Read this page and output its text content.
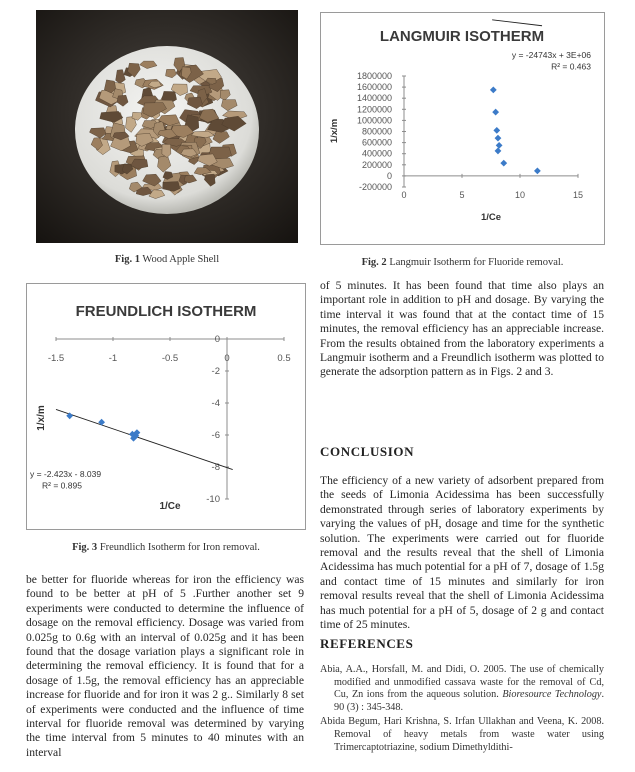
Fig. 1 Wood Apple Shell
LANGMUIR ISOTHERM
0	5	10	15
-200000
0
200000
400000
600000
800000
1000000
1200000
1400000
1600000
1800000
y = -24743x + 3E+06
R² = 0.463
1/Ce
1/x/m
Fig. 2 Langmuir Isotherm for Fluoride removal.
FREUNDLICH ISOTHERM
-1.5	-1	-0.5	0	0.5
0
-2
-4
-6
-8
-10
y = -2.423x - 8.039
R² = 0.895
1/Ce
1/x/m
Fig. 3 Freundlich Isotherm for Iron removal.

be better for fluoride whereas for iron the efficiency was found to be better at pH of 5 .Further another set 9 experiments were conducted to determine the influence of dosage on the removal efficiency. Dosage was varied from 0.025g to 0.6g with an interval of 0.025g and it has been found that the dosage variation plays a significant role in determining the removal efficiency. It is found that for a dosage of 1.5g, the removal efficiency has an appreciable increase for fluoride and for iron it was 2 g.. Similarly 8 set of experiments were conducted and the influence of time interval for fluoride removal was determined by varying the time interval from 5 minutes to 40 minutes with an interval

of 5 minutes. It has been found that time also plays an important role in addition to pH and dosage. By varying the time interval it was found that at the contact time of 15 minutes, the removal efficiency has an appreciable increase. From the results obtained from the laboratory experiments a Langmuir isotherm and a Freundlich isotherm was plotted to generate the adsorption pattern as in Figs. 2 and 3.

CONCLUSION

The efficiency of a new variety of adsorbent prepared from the seeds of Limonia Acidessima has been successfully demonstrated through series of laboratory experiments by varying the values of pH, dosage and time for the synthetic solution. The experiments were carried out for fluoride removal and the results reveal that the shell of Limonia Acidessima has much potential for a pH of 7, dosage of 1.5g and contact time of 15 minutes and similarly for iron removal results reveal that the shell of Limonia Acidessima has much potential for a pH of 5, dosage of 2 g and contact time of 25 minutes.

REFERENCES
Abia, A.A., Horsfall, M. and Didi, O. 2005. The use of chemically modified and unmodified cassava waste for the removal of Cd, Cu, Zn ions from the aqueous solution. Bioresource Technology. 90 (3) : 345-348.
Abida Begum, Hari Krishna, S. Irfan Ullakhan and Veena, K. 2008. Removal of heavy metals from waste water using Trimercaptotriazine, sodium Dimethyldithi-
